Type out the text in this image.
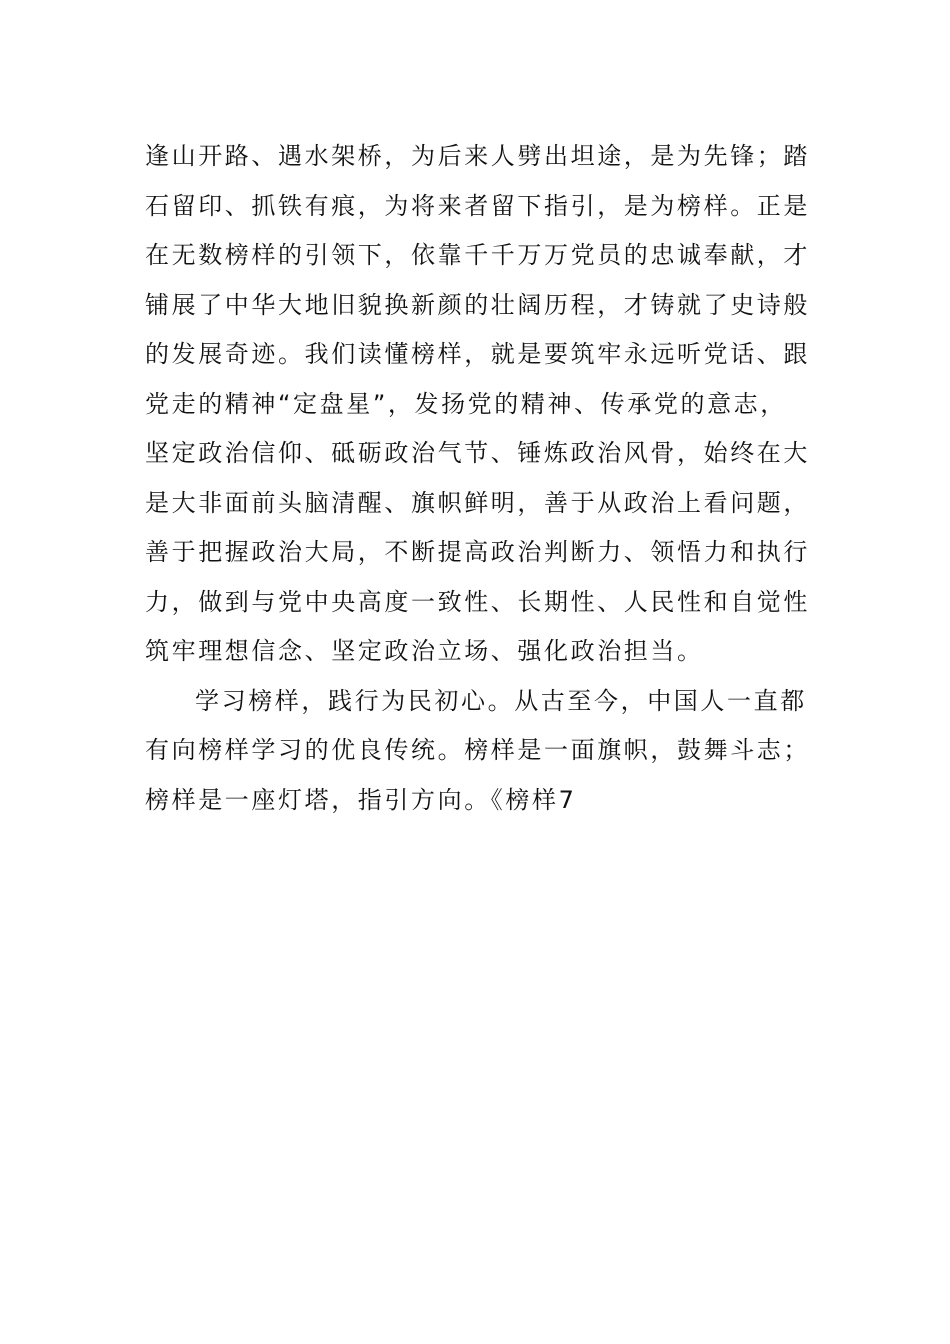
逢山开路、遇水架桥，为后来人劈出坦途，是为先锋；踏
石留印、抓铁有痕，为将来者留下指引，是为榜样。正是
在无数榜样的引领下，依靠千千万万党员的忠诚奉献，才
铺展了中华大地旧貌换新颜的壮阔历程，才铸就了史诗般
的发展奇迹。我们读懂榜样，就是要筑牢永远听党话、跟
党走的精神“定盘星”，发扬党的精神、传承党的意志，
坚定政治信仰、砥砺政治气节、锤炼政治风骨，始终在大
是大非面前头脑清醒、旗帜鲜明，善于从政治上看问题，
善于把握政治大局，不断提高政治判断力、领悟力和执行
力，做到与党中央高度一致性、长期性、人民性和自觉性
筑牢理想信念、坚定政治立场、强化政治担当。
学习榜样，践行为民初心。从古至今，中国人一直都
有向榜样学习的优良传统。榜样是一面旗帜，鼓舞斗志；
榜样是一座灯塔，指引方向。《榜样7
